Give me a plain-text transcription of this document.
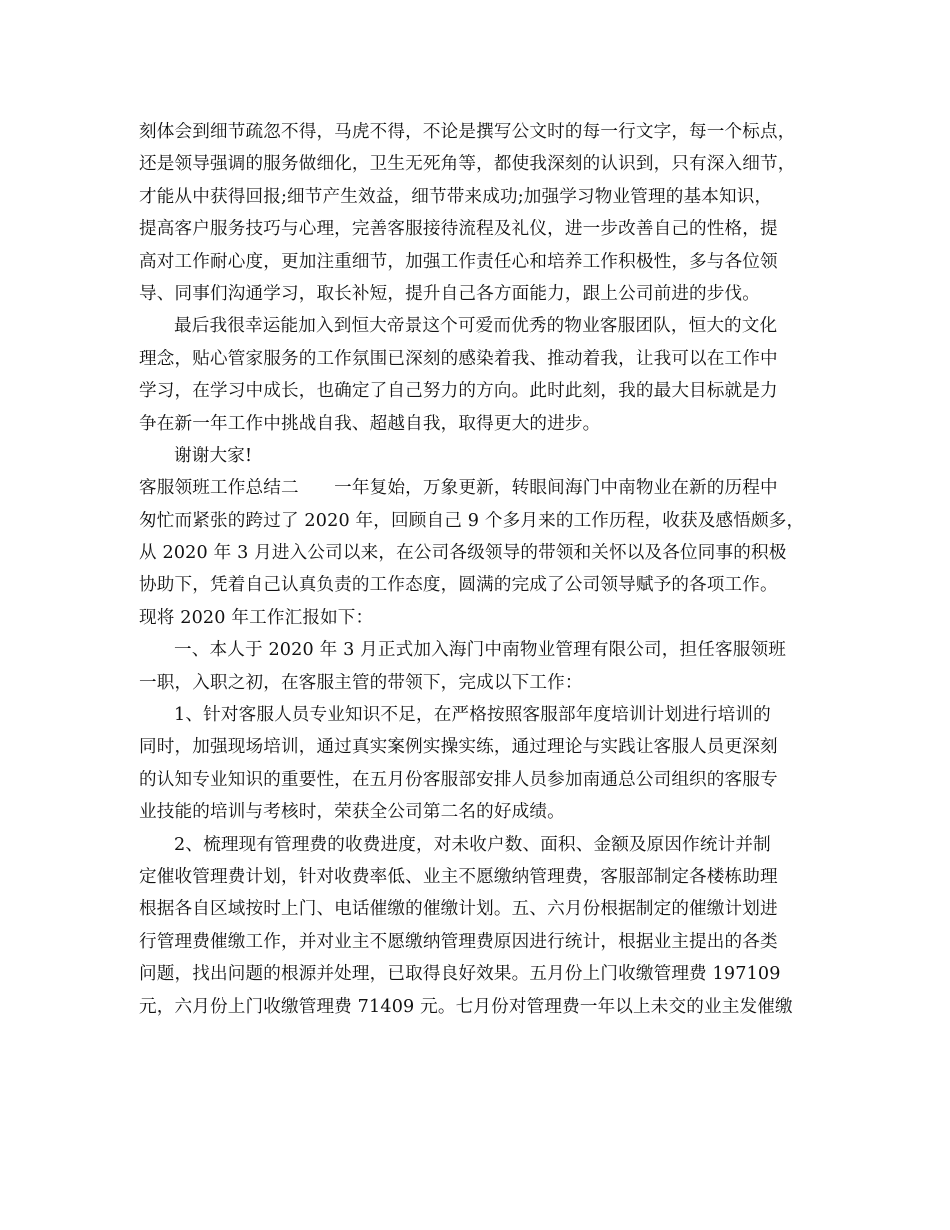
刻体会到细节疏忽不得，马虎不得，不论是撰写公文时的每一行文字，每一个标点，
还是领导强调的服务做细化，卫生无死角等，都使我深刻的认识到，只有深入细节，
才能从中获得回报;细节产生效益，细节带来成功;加强学习物业管理的基本知识，
提高客户服务技巧与心理，完善客服接待流程及礼仪，进一步改善自己的性格，提
高对工作耐心度，更加注重细节，加强工作责任心和培养工作积极性，多与各位领
导、同事们沟通学习，取长补短，提升自己各方面能力，跟上公司前进的步伐。
最后我很幸运能加入到恒大帝景这个可爱而优秀的物业客服团队，恒大的文化
理念，贴心管家服务的工作氛围已深刻的感染着我、推动着我，让我可以在工作中
学习，在学习中成长，也确定了自己努力的方向。此时此刻，我的最大目标就是力
争在新一年工作中挑战自我、超越自我，取得更大的进步。
谢谢大家!
客服领班工作总结二　　一年复始，万象更新，转眼间海门中南物业在新的历程中
匆忙而紧张的跨过了 2020 年，回顾自己 9 个多月来的工作历程，收获及感悟颇多，
从 2020 年 3 月进入公司以来，在公司各级领导的带领和关怀以及各位同事的积极
协助下，凭着自己认真负责的工作态度，圆满的完成了公司领导赋予的各项工作。
现将 2020 年工作汇报如下：
一、本人于 2020 年 3 月正式加入海门中南物业管理有限公司，担任客服领班
一职，入职之初，在客服主管的带领下，完成以下工作：
1、针对客服人员专业知识不足，在严格按照客服部年度培训计划进行培训的
同时，加强现场培训，通过真实案例实操实练，通过理论与实践让客服人员更深刻
的认知专业知识的重要性，在五月份客服部安排人员参加南通总公司组织的客服专
业技能的培训与考核时，荣获全公司第二名的好成绩。
2、梳理现有管理费的收费进度，对未收户数、面积、金额及原因作统计并制
定催收管理费计划，针对收费率低、业主不愿缴纳管理费，客服部制定各楼栋助理
根据各自区域按时上门、电话催缴的催缴计划。五、六月份根据制定的催缴计划进
行管理费催缴工作，并对业主不愿缴纳管理费原因进行统计，根据业主提出的各类
问题，找出问题的根源并处理，已取得良好效果。五月份上门收缴管理费 197109
元，六月份上门收缴管理费 71409 元。七月份对管理费一年以上未交的业主发催缴
